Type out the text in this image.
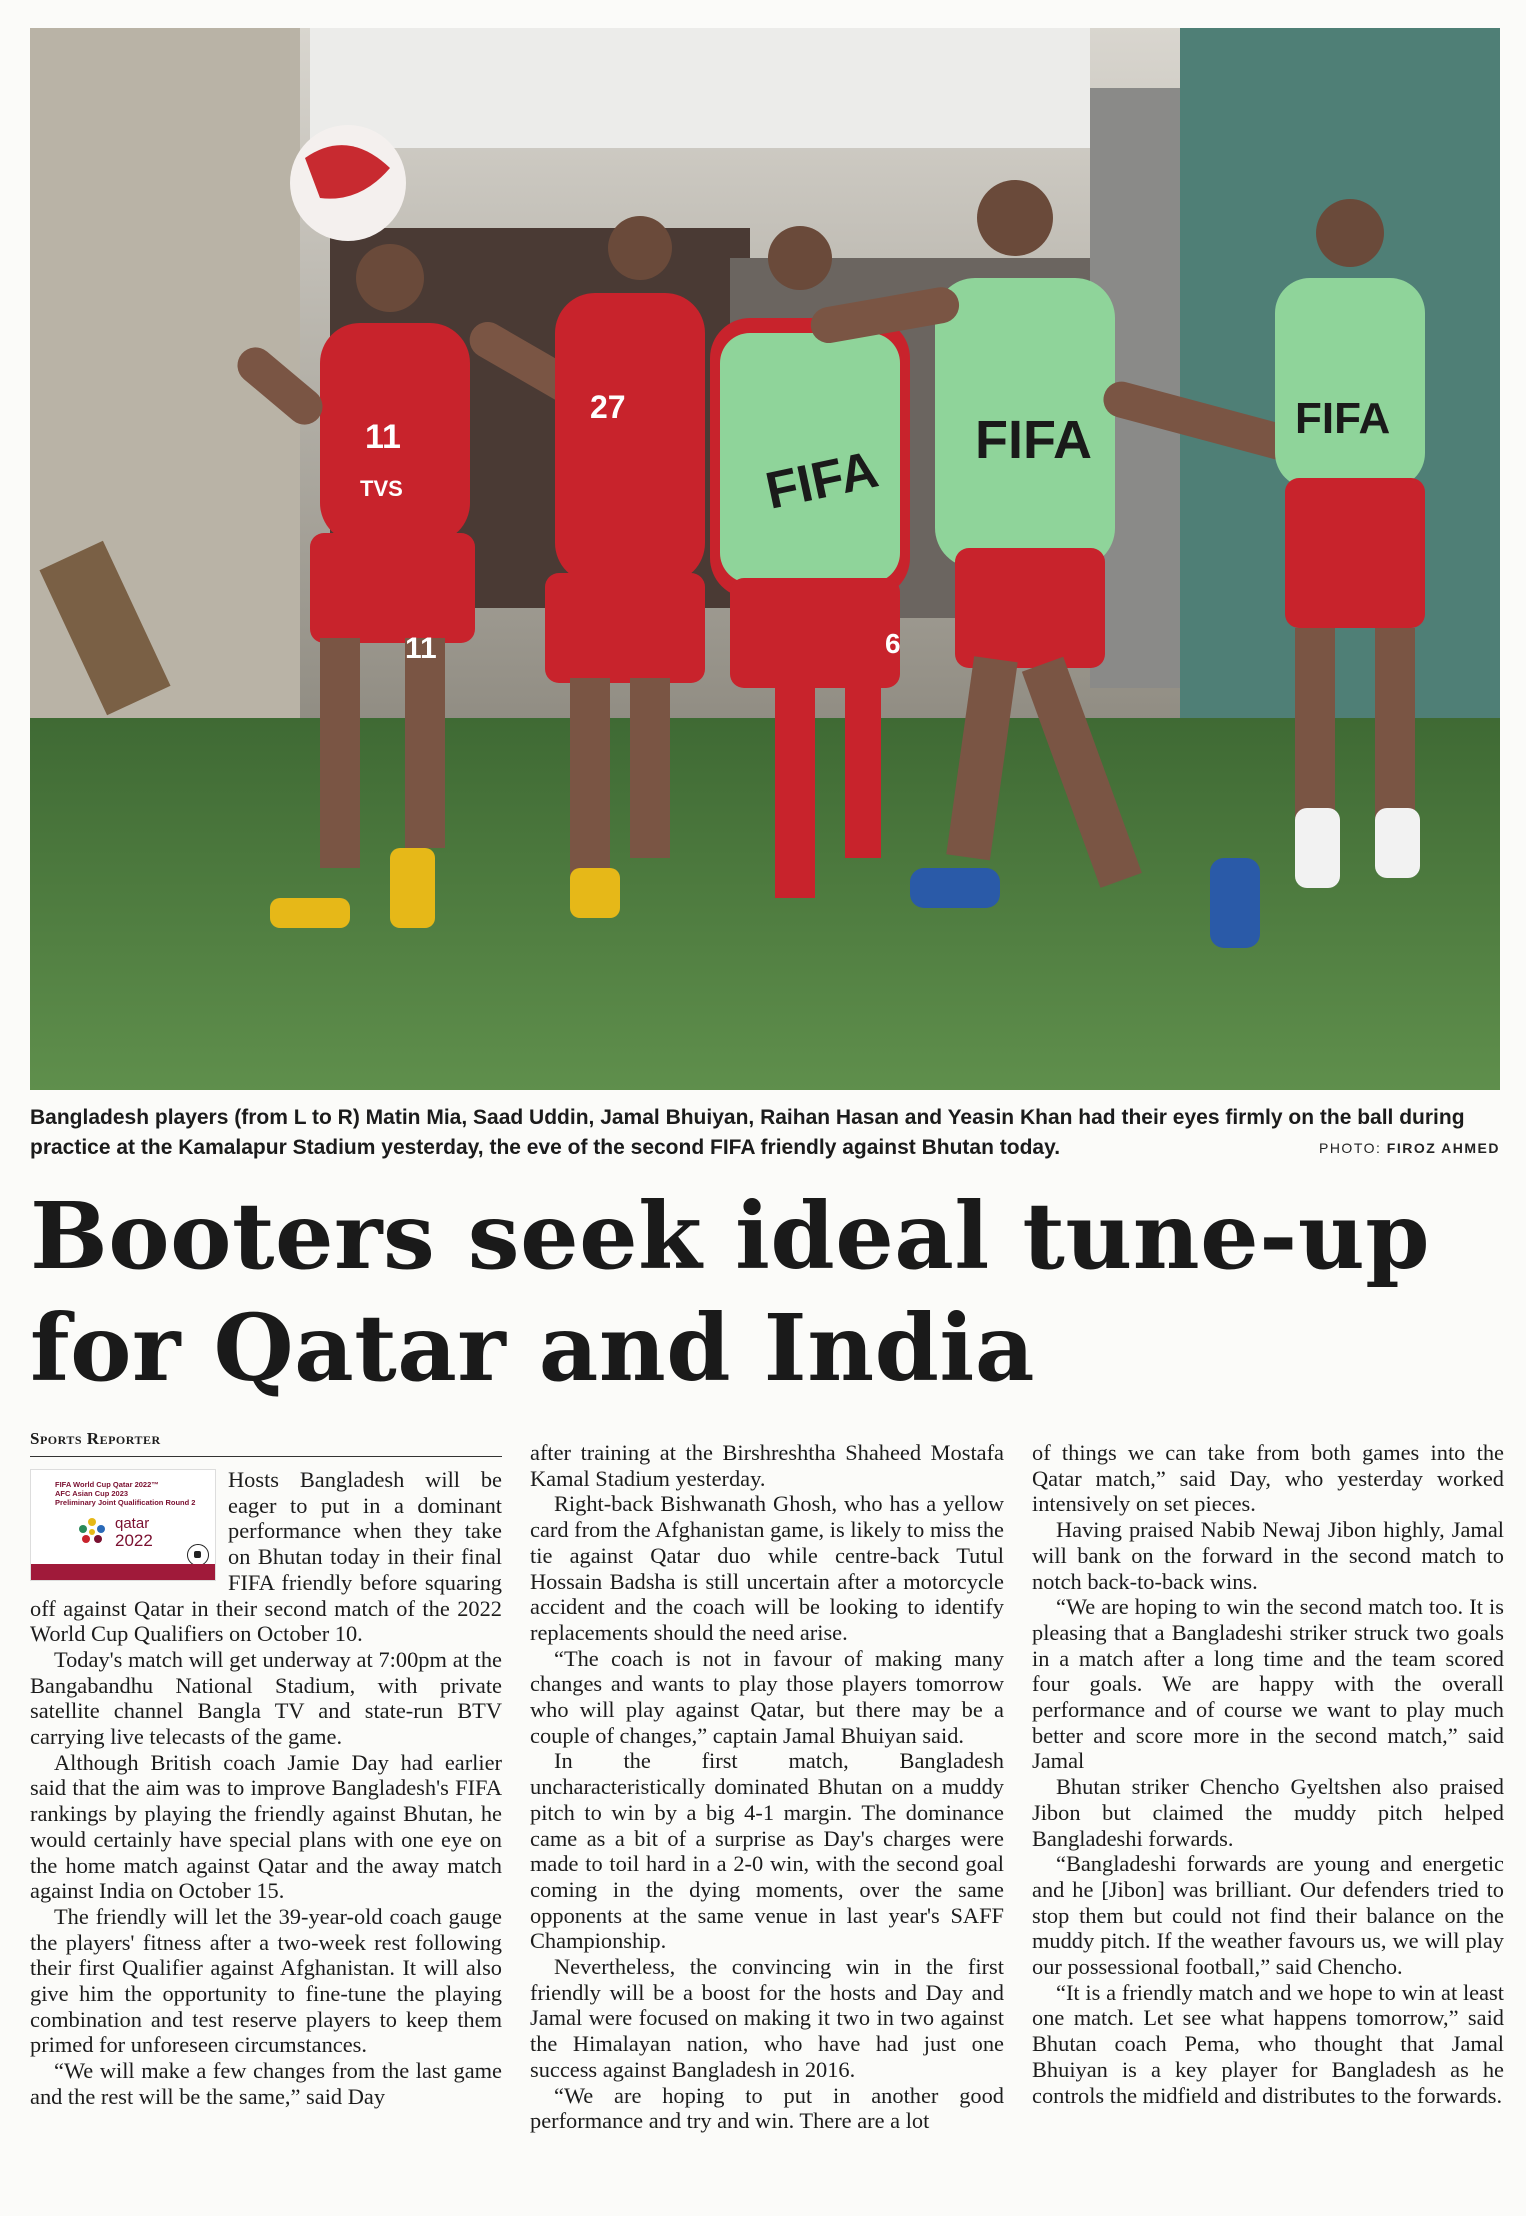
11
11
TVS
27
FIFA
6
FIFA	FIFA
Bangladesh players (from L to R) Matin Mia, Saad Uddin, Jamal Bhuiyan, Raihan Hasan and Yeasin Khan had their eyes firmly on the ball during practice at the Kamalapur Stadium yesterday, the eve of the second FIFA friendly against Bhutan today.	PHOTO: FIROZ AHMED
Booters seek ideal tune-up
for Qatar and India
Sports Reporter
FIFA World Cup Qatar 2022™
AFC Asian Cup 2023
Preliminary Joint Qualification Round 2
qatar
2022

Hosts Bangladesh will be eager to put in a dominant performance when they take on Bhutan today in their final FIFA friendly before squaring off against Qatar in their second match of the 2022 World Cup Qualifiers on October 10.

Today's match will get underway at 7:00pm at the Bangabandhu National Stadium, with private satellite channel Bangla TV and state-run BTV carrying live telecasts of the game.

Although British coach Jamie Day had earlier said that the aim was to improve Bangladesh's FIFA rankings by playing the friendly against Bhutan, he would certainly have special plans with one eye on the home match against Qatar and the away match against India on October 15.

The friendly will let the 39-year-old coach gauge the players' fitness after a two-week rest following their first Qualifier against Afghanistan. It will also give him the opportunity to fine-tune the playing combination and test reserve players to keep them primed for unforeseen circumstances.

“We will make a few changes from the last game and the rest will be the same,” said Day

after training at the Birshreshtha Shaheed Mostafa Kamal Stadium yesterday.

Right-back Bishwanath Ghosh, who has a yellow card from the Afghanistan game, is likely to miss the tie against Qatar duo while centre-back Tutul Hossain Badsha is still uncertain after a motorcycle accident and the coach will be looking to identify replacements should the need arise.

“The coach is not in favour of making many changes and wants to play those players tomorrow who will play against Qatar, but there may be a couple of changes,” captain Jamal Bhuiyan said.

In the first match, Bangladesh uncharacteristically dominated Bhutan on a muddy pitch to win by a big 4-1 margin. The dominance came as a bit of a surprise as Day's charges were made to toil hard in a 2-0 win, with the second goal coming in the dying moments, over the same opponents at the same venue in last year's SAFF Championship.

Nevertheless, the convincing win in the first friendly will be a boost for the hosts and Day and Jamal were focused on making it two in two against the Himalayan nation, who have had just one success against Bangladesh in 2016.

“We are hoping to put in another good performance and try and win. There are a lot

of things we can take from both games into the Qatar match,” said Day, who yesterday worked intensively on set pieces.

Having praised Nabib Newaj Jibon highly, Jamal will bank on the forward in the second match to notch back-to-back wins.

“We are hoping to win the second match too. It is pleasing that a Bangladeshi striker struck two goals in a match after a long time and the team scored four goals. We are happy with the overall performance and of course we want to play much better and score more in the second match,” said Jamal

Bhutan striker Chencho Gyeltshen also praised Jibon but claimed the muddy pitch helped Bangladeshi forwards.

“Bangladeshi forwards are young and energetic and he [Jibon] was brilliant. Our defenders tried to stop them but could not find their balance on the muddy pitch. If the weather favours us, we will play our possessional football,” said Chencho.

“It is a friendly match and we hope to win at least one match. Let see what happens tomorrow,” said Bhutan coach Pema, who thought that Jamal Bhuiyan is a key player for Bangladesh as he controls the midfield and distributes to the forwards.
